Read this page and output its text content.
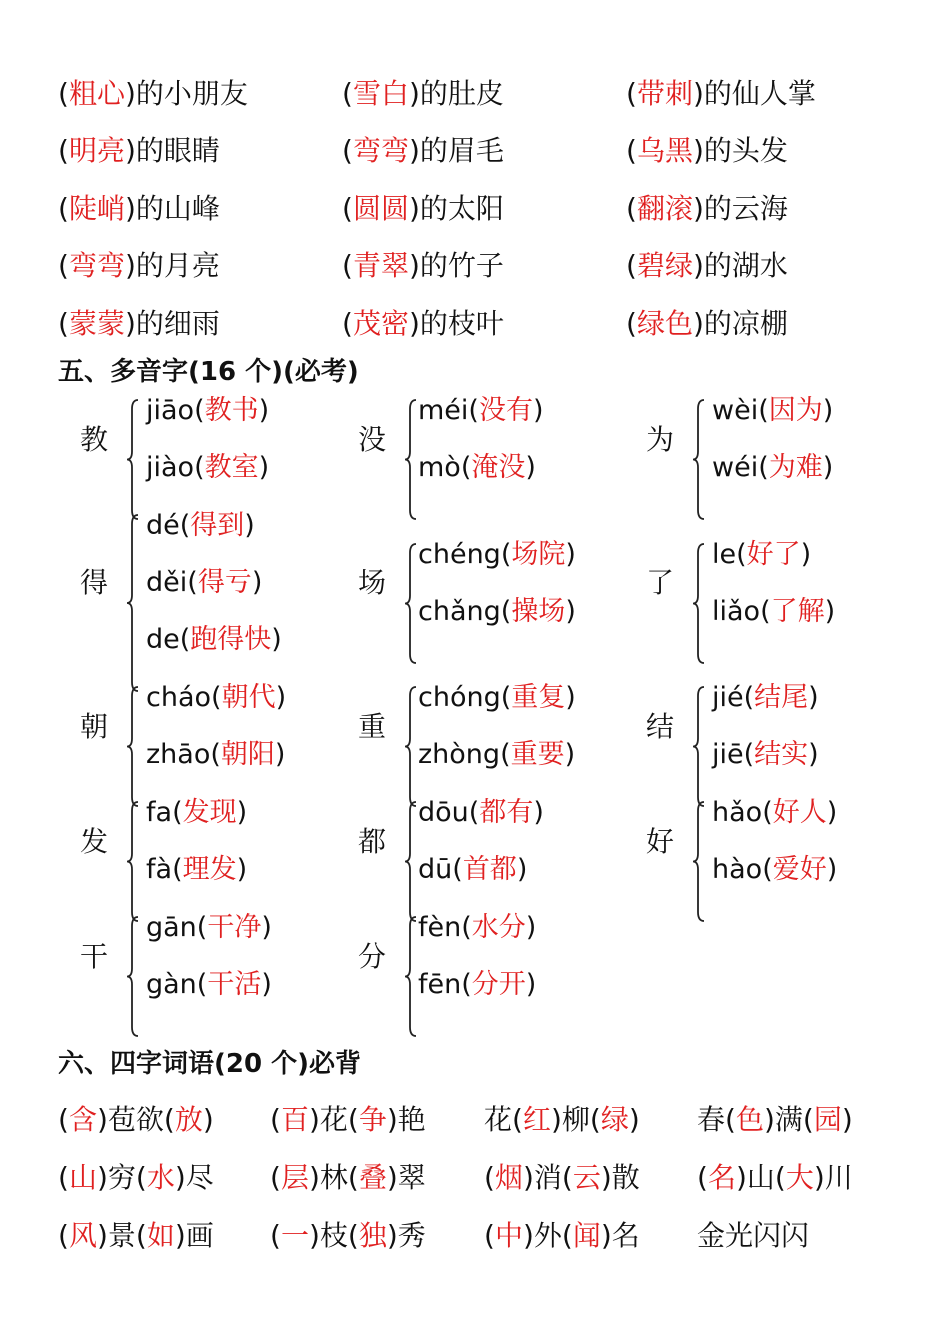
(粗心)的小朋友	(雪白)的肚皮	(带刺)的仙人掌
(明亮)的眼睛	(弯弯)的眉毛	(乌黑)的头发
(陡峭)的山峰	(圆圆)的太阳	(翻滚)的云海
(弯弯)的月亮	(青翠)的竹子	(碧绿)的湖水
(蒙蒙)的细雨	(茂密)的枝叶	(绿色)的凉棚
五、多音字(16 个)(必考)
教
jiāo(教书)
jiào(教室)
没
méi(没有)
mò(淹没)
为
wèi(因为)
wéi(为难)
得
dé(得到)
děi(得亏)
de(跑得快)
场
chéng(场院)
chǎng(操场)
了
le(好了)
liǎo(了解)
朝
cháo(朝代)
zhāo(朝阳)
重
chóng(重复)
zhòng(重要)
结
jié(结尾)
jiē(结实)
发
fa(发现)
fà(理发)
都
dōu(都有)
dū(首都)
好
hǎo(好人)
hào(爱好)
干
gān(干净)
gàn(干活)
分
fèn(水分)
fēn(分开)
六、四字词语(20 个)必背
(含)苞欲(放) (百)花(争)艳 花(红)柳(绿) 春(色)满(园)
(山)穷(水)尽 (层)林(叠)翠 (烟)消(云)散 (名)山(大)川
(风)景(如)画 (一)枝(独)秀 (中)外(闻)名 金光闪闪
